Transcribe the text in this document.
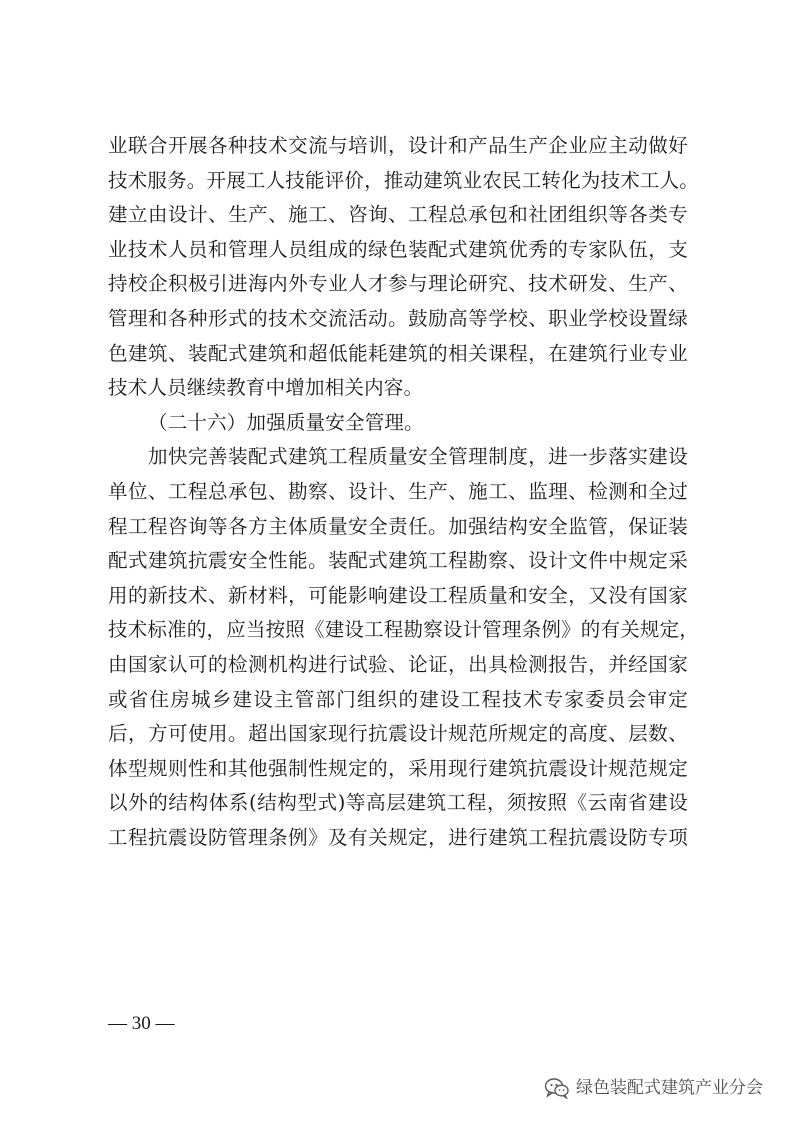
业联合开展各种技术交流与培训，设计和产品生产企业应主动做好
技术服务。开展工人技能评价，推动建筑业农民工转化为技术工人。
建立由设计、生产、施工、咨询、工程总承包和社团组织等各类专
业技术人员和管理人员组成的绿色装配式建筑优秀的专家队伍，支
持校企积极引进海内外专业人才参与理论研究、技术研发、生产、
管理和各种形式的技术交流活动。鼓励高等学校、职业学校设置绿
色建筑、装配式建筑和超低能耗建筑的相关课程，在建筑行业专业
技术人员继续教育中增加相关内容。
（二十六）加强质量安全管理。
加快完善装配式建筑工程质量安全管理制度，进一步落实建设
单位、工程总承包、勘察、设计、生产、施工、监理、检测和全过
程工程咨询等各方主体质量安全责任。加强结构安全监管，保证装
配式建筑抗震安全性能。装配式建筑工程勘察、设计文件中规定采
用的新技术、新材料，可能影响建设工程质量和安全，又没有国家
技术标准的，应当按照《建设工程勘察设计管理条例》的有关规定，
由国家认可的检测机构进行试验、论证，出具检测报告，并经国家
或省住房城乡建设主管部门组织的建设工程技术专家委员会审定
后，方可使用。超出国家现行抗震设计规范所规定的高度、层数、
体型规则性和其他强制性规定的，采用现行建筑抗震设计规范规定
以外的结构体系(结构型式)等高层建筑工程，须按照《云南省建设
工程抗震设防管理条例》及有关规定，进行建筑工程抗震设防专项
— 30 —
绿色装配式建筑产业分会
